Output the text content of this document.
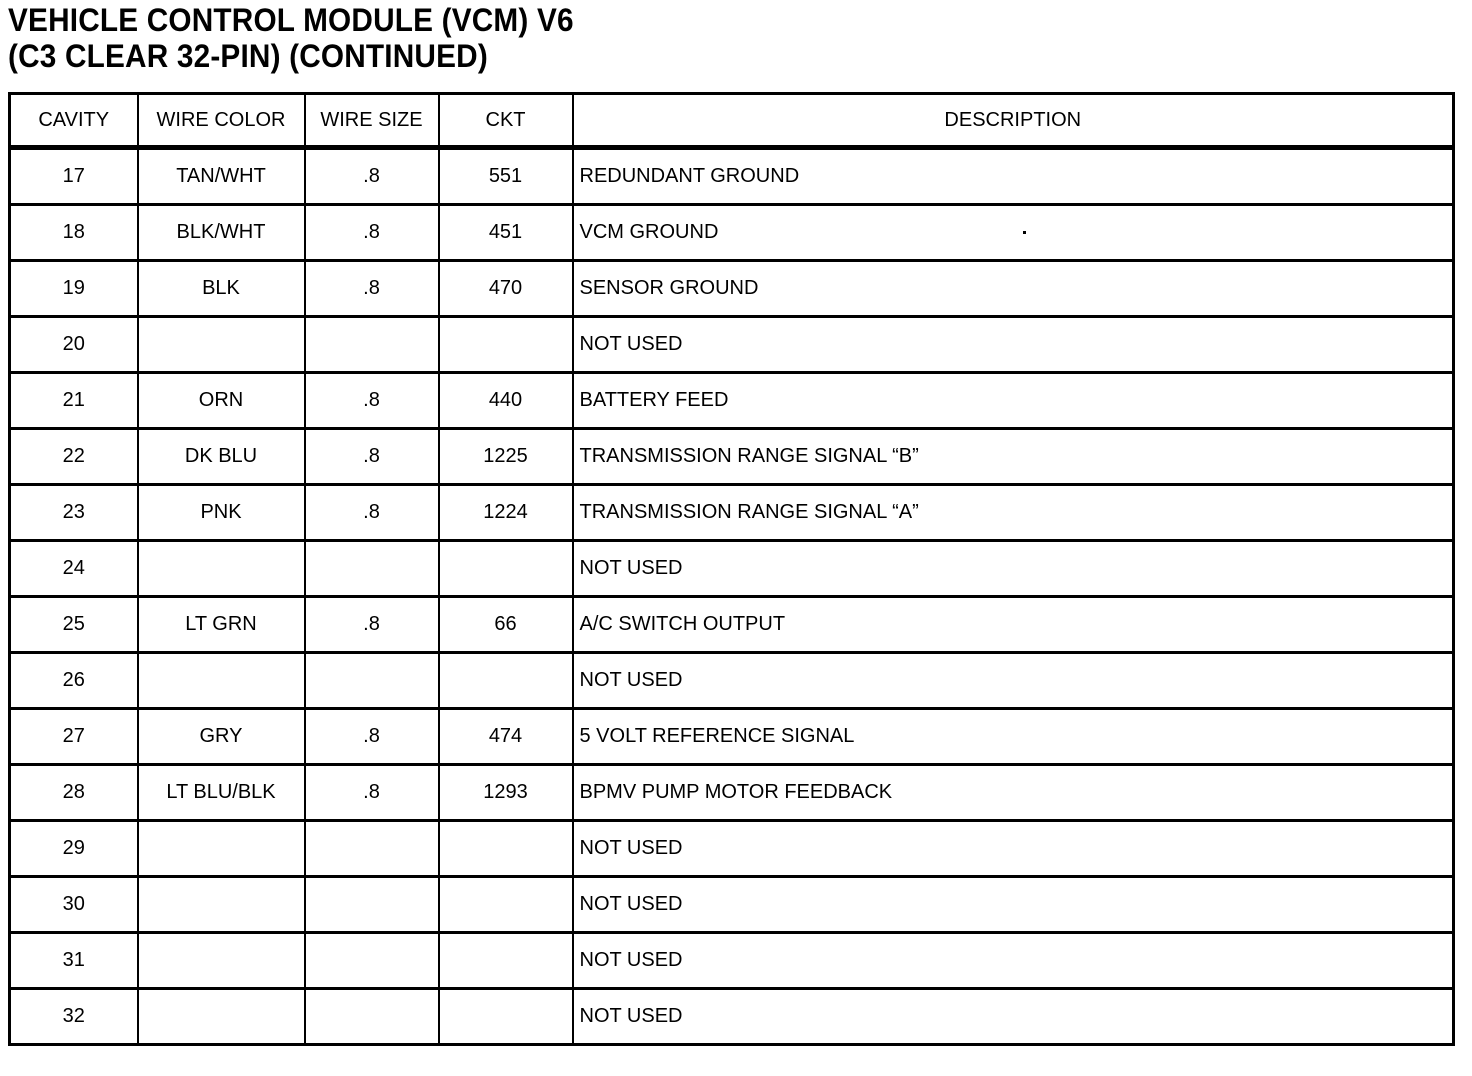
VEHICLE CONTROL MODULE (VCM) V6
(C3 CLEAR 32-PIN) (CONTINUED)
CAVITY	WIRE COLOR	WIRE SIZE	CKT	DESCRIPTION
17	TAN/WHT	.8	551	REDUNDANT GROUND
18	BLK/WHT	.8	451	VCM GROUND
19	BLK	.8	470	SENSOR GROUND
20				NOT USED
21	ORN	.8	440	BATTERY FEED
22	DK BLU	.8	1225	TRANSMISSION RANGE SIGNAL “B”
23	PNK	.8	1224	TRANSMISSION RANGE SIGNAL “A”
24				NOT USED
25	LT GRN	.8	66	A/C SWITCH OUTPUT
26				NOT USED
27	GRY	.8	474	5 VOLT REFERENCE SIGNAL
28	LT BLU/BLK	.8	1293	BPMV PUMP MOTOR FEEDBACK
29				NOT USED
30				NOT USED
31				NOT USED
32				NOT USED
